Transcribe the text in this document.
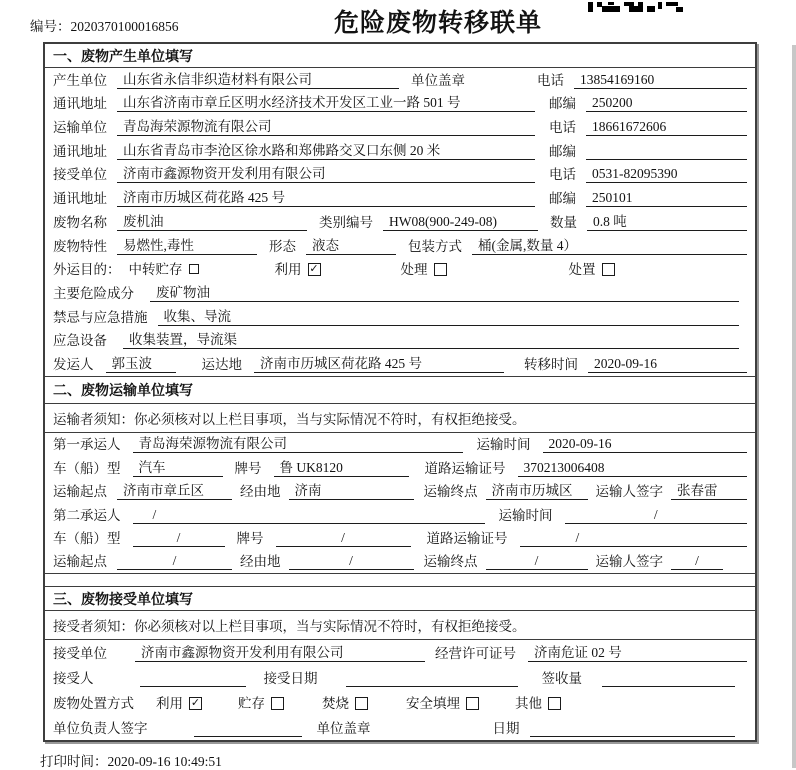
编号：2020370100016856	危险废物转移联单
一、废物产生单位填写
产生单位	山东省永信非织造材料有限公司	单位盖章	电话	13854169160
通讯地址	山东省济南市章丘区明水经济技术开发区工业一路 501 号	邮编	250200
运输单位	青岛海荣源物流有限公司	电话	18661672606
通讯地址	山东省青岛市李沧区徐水路和郑佛路交叉口东侧 20 米	邮编
接受单位	济南市鑫源物资开发利用有限公司	电话	0531-82095390
通讯地址	济南市历城区荷花路 425 号	邮编	250101
废物名称	废机油	类别编号	HW08(900-249-08)	数量	0.8 吨
废物特性	易燃性,毒性	形态	液态	包装方式	桶(金属,数量 4）
外运目的： 中转贮存	利用 ✓	处理	处置
主要危险成分	废矿物油
禁忌与应急措施	收集、导流
应急设备	收集装置，导流渠
发运人	郭玉波	运达地	济南市历城区荷花路 425 号	转移时间	2020-09-16
二、废物运输单位填写
运输者须知：你必须核对以上栏目事项，当与实际情况不符时，有权拒绝接受。
第一承运人	青岛海荣源物流有限公司	运输时间	2020-09-16
车（船）型	汽车	牌号	鲁 UK8120	道路运输证号	370213006408
运输起点	济南市章丘区	经由地	济南	运输终点	济南市历城区	运输人签字	张春雷
第二承运人	/	运输时间	/
车（船）型	/	牌号	/	道路运输证号	/
运输起点	/	经由地	/	运输终点	/	运输人签字	/
三、废物接受单位填写
接受者须知：你必须核对以上栏目事项，当与实际情况不符时，有权拒绝接受。
接受单位	济南市鑫源物资开发利用有限公司	经营许可证号	济南危证 02 号
接受人	接受日期	签收量
废物处置方式 利用 ✓	贮存	焚烧	安全填埋	其他
单位负责人签字	单位盖章	日期
打印时间：2020-09-16 10:49:51
